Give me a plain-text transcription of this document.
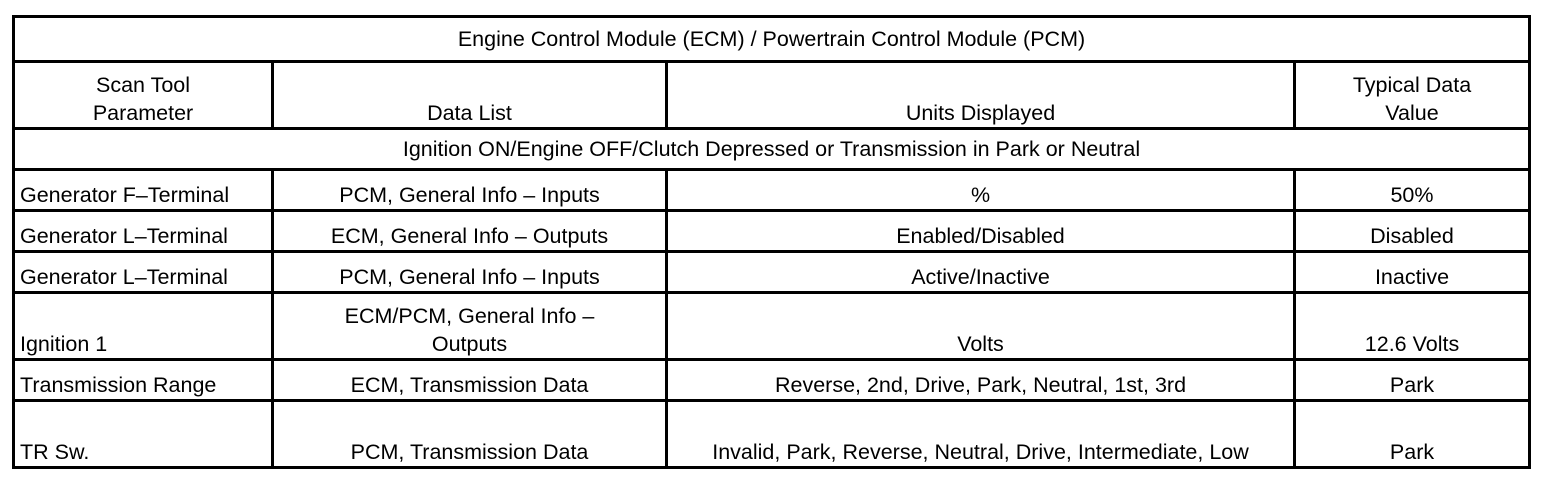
Engine Control Module (ECM) / Powertrain Control Module (PCM)			
Scan Tool Parameter	Data List	Units Displayed	Typical Data Value
Ignition ON/Engine OFF/Clutch Depressed or Transmission in Park or Neutral			
Generator F–Terminal	PCM, General Info – Inputs	%	50%
Generator L–Terminal	ECM, General Info – Outputs	Enabled/Disabled	Disabled
Generator L–Terminal	PCM, General Info – Inputs	Active/Inactive	Inactive
Ignition 1	ECM/PCM, General Info – Outputs	Volts	12.6 Volts
Transmission Range	ECM, Transmission Data	Reverse, 2nd, Drive, Park, Neutral, 1st, 3rd	Park
TR Sw.	PCM, Transmission Data	Invalid, Park, Reverse, Neutral, Drive, Intermediate, Low	Park
